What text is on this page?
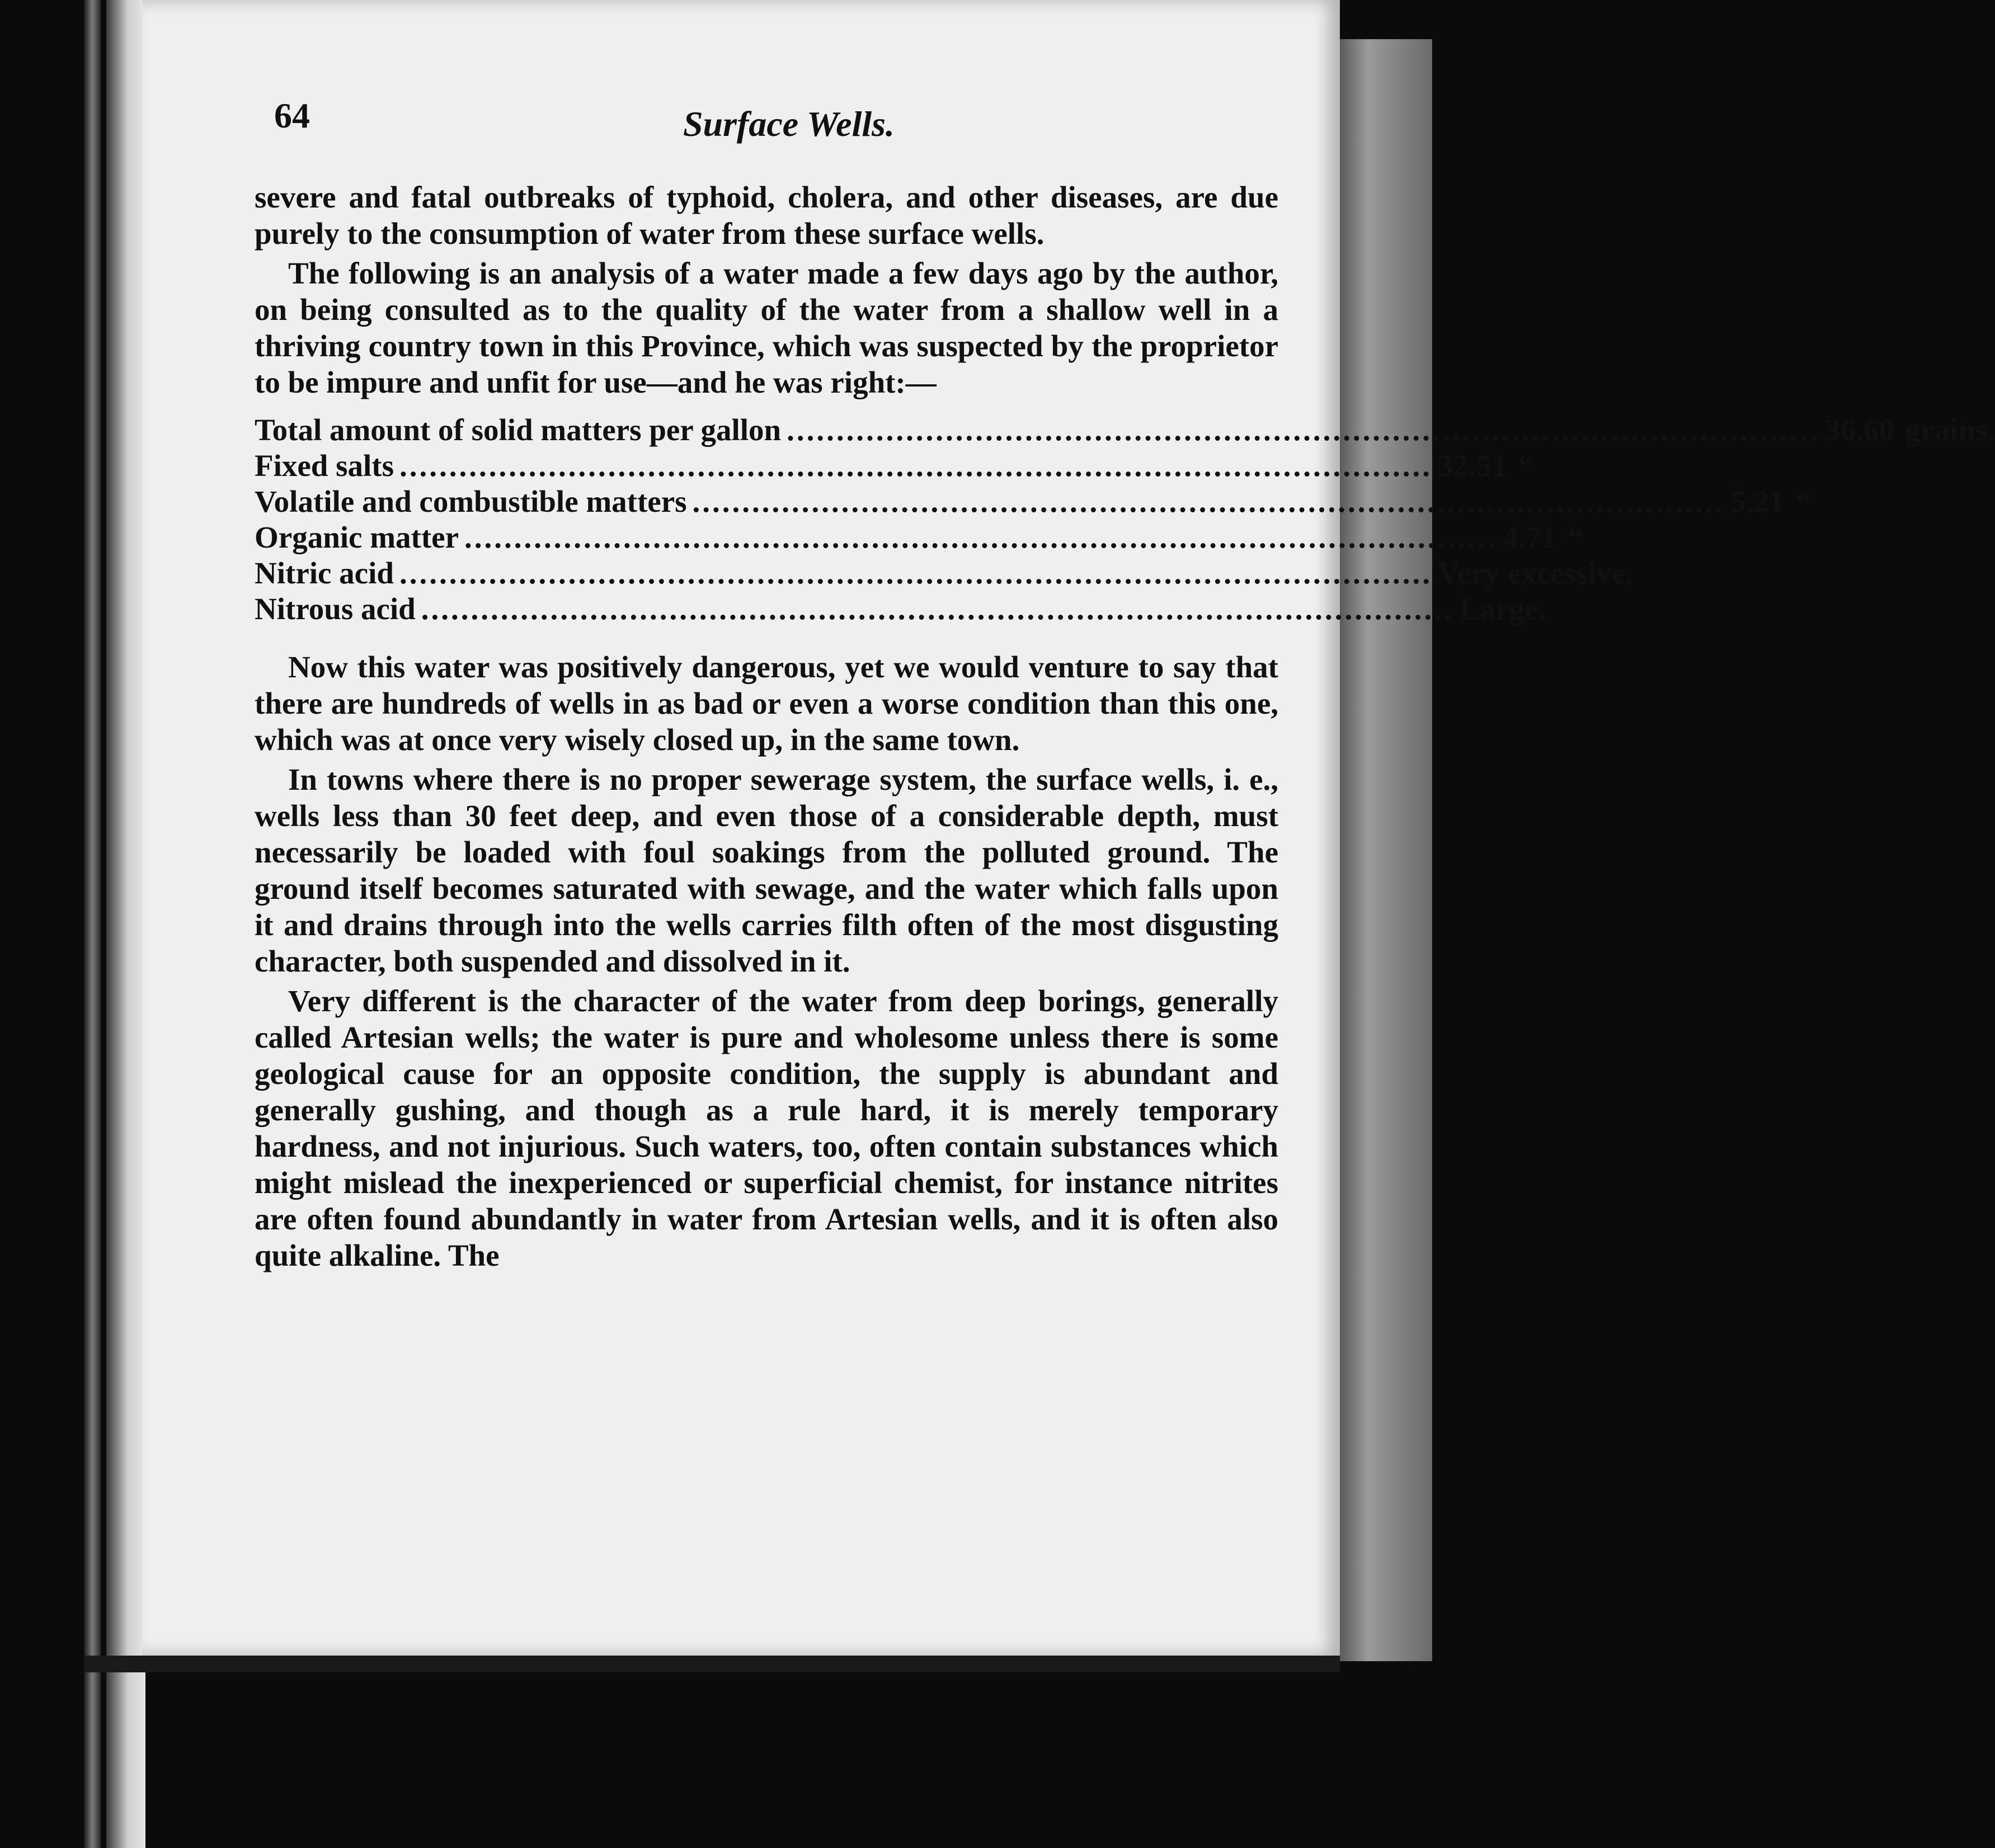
64	Surface Wells.

severe and fatal outbreaks of typhoid, cholera, and other diseases, are due purely to the consumption of water from these surface wells.

The following is an analysis of a water made a few days ago by the author, on being consulted as to the quality of the water from a shallow well in a thriving country town in this Province, which was suspected by the proprietor to be impure and unfit for use—and he was right:—

Total amount of solid matters per gallon ........................................................................................................ 36.60 grains.
Fixed salts ........................................................................................................ 32.51 “
Volatile and combustible matters ........................................................................................................ 5.21 “
Organic matter ........................................................................................................ 4.71 “
Nitric acid ........................................................................................................ Very excessive.
Nitrous acid ........................................................................................................ Large.

Now this water was positively dangerous, yet we would venture to say that there are hundreds of wells in as bad or even a worse condition than this one, which was at once very wisely closed up, in the same town.

In towns where there is no proper sewerage system, the surface wells, i. e., wells less than 30 feet deep, and even those of a considerable depth, must necessarily be loaded with foul soakings from the polluted ground. The ground itself becomes saturated with sewage, and the water which falls upon it and drains through into the wells carries filth often of the most disgusting character, both suspended and dissolved in it.

Very different is the character of the water from deep borings, generally called Artesian wells; the water is pure and wholesome unless there is some geological cause for an opposite condition, the supply is abundant and generally gushing, and though as a rule hard, it is merely temporary hardness, and not injurious. Such waters, too, often contain substances which might mislead the inexperienced or superficial chemist, for instance nitrites are often found abundantly in water from Artesian wells, and it is often also quite alkaline. The
